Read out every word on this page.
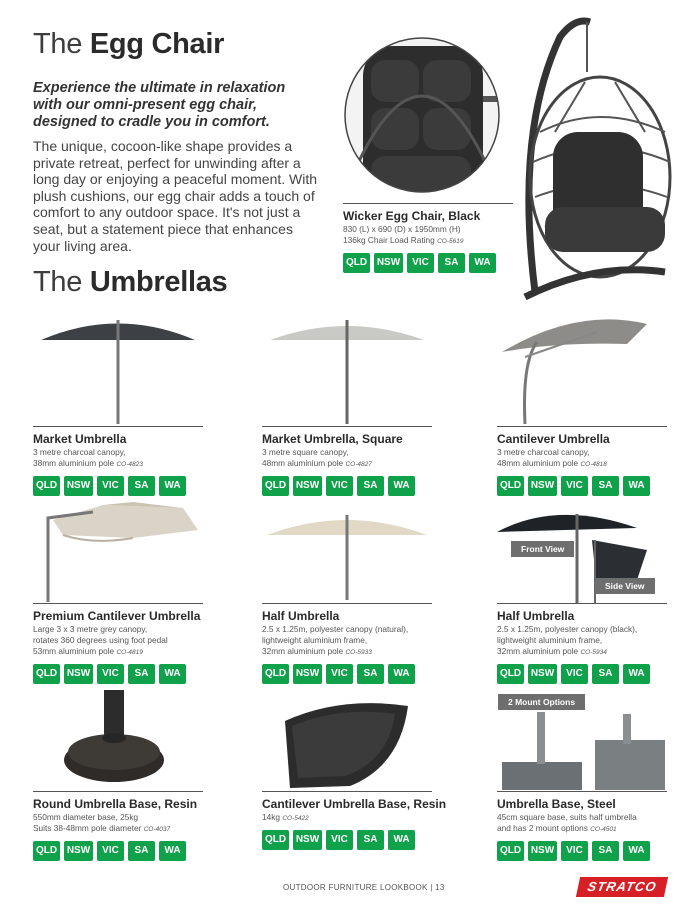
The Egg Chair
Experience the ultimate in relaxation with our omni-present egg chair, designed to cradle you in comfort.
The unique, cocoon-like shape provides a private retreat, perfect for unwinding after a long day or enjoying a peaceful moment. With plush cushions, our egg chair adds a touch of comfort to any outdoor space. It's not just a seat, but a statement piece that enhances your living area.
Wicker Egg Chair, Black
830 (L) x 690 (D) x 1950mm (H)
136kg Chair Load Rating CO-5619
QLD NSW	VIC	SA	WA
The Umbrellas
Market Umbrella
3 metre charcoal canopy,
38mm aluminium pole CO-4823
QLD NSW	VIC	SA	WA
Market Umbrella, Square
3 metre square canopy,
48mm aluminium pole CO-4827
QLD NSW	VIC	SA	WA
Cantilever Umbrella
3 metre charcoal canopy,
48mm aluminium pole CO-4818
QLD NSW	VIC	SA	WA
Front View
Side View
Premium Cantilever Umbrella
Large 3 x 3 metre grey canopy,
rotates 360 degrees using foot pedal
53mm aluminium pole CO-4819
QLD NSW	VIC	SA	WA
Half Umbrella
2.5 x 1.25m, polyester canopy (natural),
lightweight aluminium frame,
32mm aluminium pole CO-5933
QLD NSW	VIC	SA	WA
Half Umbrella
2.5 x 1.25m, polyester canopy (black),
lightweight aluminium frame,
32mm aluminium pole CO-5934
QLD NSW	VIC	SA	WA
2 Mount Options
Round Umbrella Base, Resin
550mm diameter base, 25kg
Suits 38-48mm pole diameter CO-4037
QLD NSW	VIC	SA	WA
Cantilever Umbrella Base, Resin
14kg CO-5422
QLD NSW	VIC	SA	WA
Umbrella Base, Steel
45cm square base, suits half umbrella
and has 2 mount options CO-4501
QLD NSW	VIC	SA	WA
OUTDOOR FURNITURE LOOKBOOK | 13	STRATCO
